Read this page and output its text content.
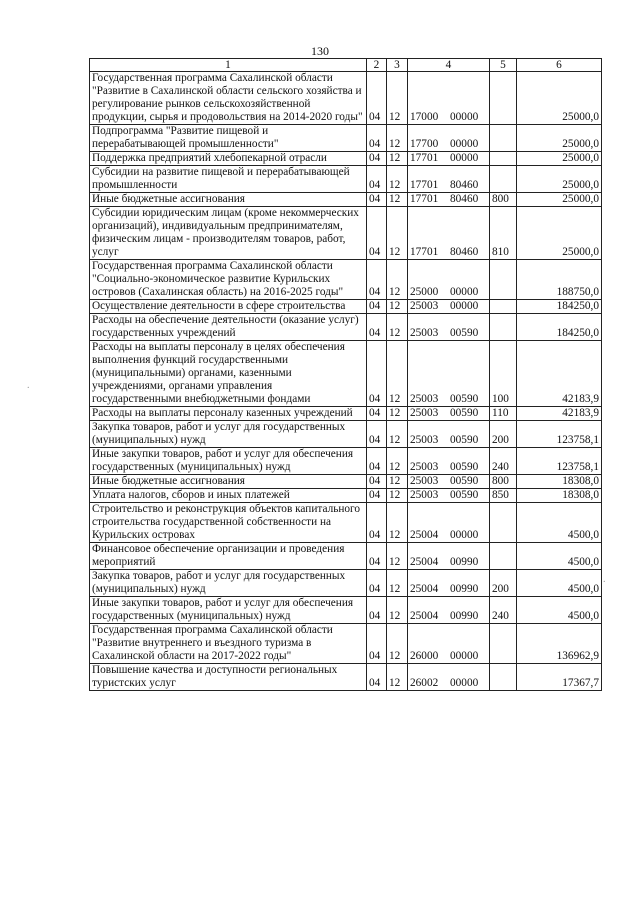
130
1	2	3	4	5	6
Государственная программа Сахалинской области "Развитие в Сахалинской области сельского хозяйства и регулирование рынков сельскохозяйственной продукции, сырья и продовольствия на 2014-2020 годы"	04	12	17000 00000		25000,0
Подпрограмма "Развитие пищевой и перерабатывающей промышленности"	04	12	17700 00000		25000,0
Поддержка предприятий хлебопекарной отрасли	04	12	17701 00000		25000,0
Субсидии на развитие пищевой и перерабатывающей промышленности	04	12	17701 80460		25000,0
Иные бюджетные ассигнования	04	12	17701 80460	800	25000,0
Субсидии юридическим лицам (кроме некоммерческих организаций), индивидуальным предпринимателям, физическим лицам - производителям товаров, работ, услуг	04	12	17701 80460	810	25000,0
Государственная программа Сахалинской области "Социально-экономическое развитие Курильских островов (Сахалинская область) на 2016-2025 годы"	04	12	25000 00000		188750,0
Осуществление деятельности в сфере строительства	04	12	25003 00000		184250,0
Расходы на обеспечение деятельности (оказание услуг) государственных учреждений	04	12	25003 00590		184250,0
Расходы на выплаты персоналу в целях обеспечения выполнения функций государственными (муниципальными) органами, казенными учреждениями, органами управления государственными внебюджетными фондами	04	12	25003 00590	100	42183,9
Расходы на выплаты персоналу казенных учреждений	04	12	25003 00590	110	42183,9
Закупка товаров, работ и услуг для государственных (муниципальных) нужд	04	12	25003 00590	200	123758,1
Иные закупки товаров, работ и услуг для обеспечения государственных (муниципальных) нужд	04	12	25003 00590	240	123758,1
Иные бюджетные ассигнования	04	12	25003 00590	800	18308,0
Уплата налогов, сборов и иных платежей	04	12	25003 00590	850	18308,0
Строительство и реконструкция объектов капитального строительства государственной собственности на Курильских островах	04	12	25004 00000		4500,0
Финансовое обеспечение организации и проведения мероприятий	04	12	25004 00990		4500,0
Закупка товаров, работ и услуг для государственных (муниципальных) нужд	04	12	25004 00990	200	4500,0
Иные закупки товаров, работ и услуг для обеспечения государственных (муниципальных) нужд	04	12	25004 00990	240	4500,0
Государственная программа Сахалинской области "Развитие внутреннего и въездного туризма в Сахалинской области на 2017-2022 годы"	04	12	26000 00000		136962,9
Повышение качества и доступности региональных туристских услуг	04	12	26002 00000		17367,7
.
.
